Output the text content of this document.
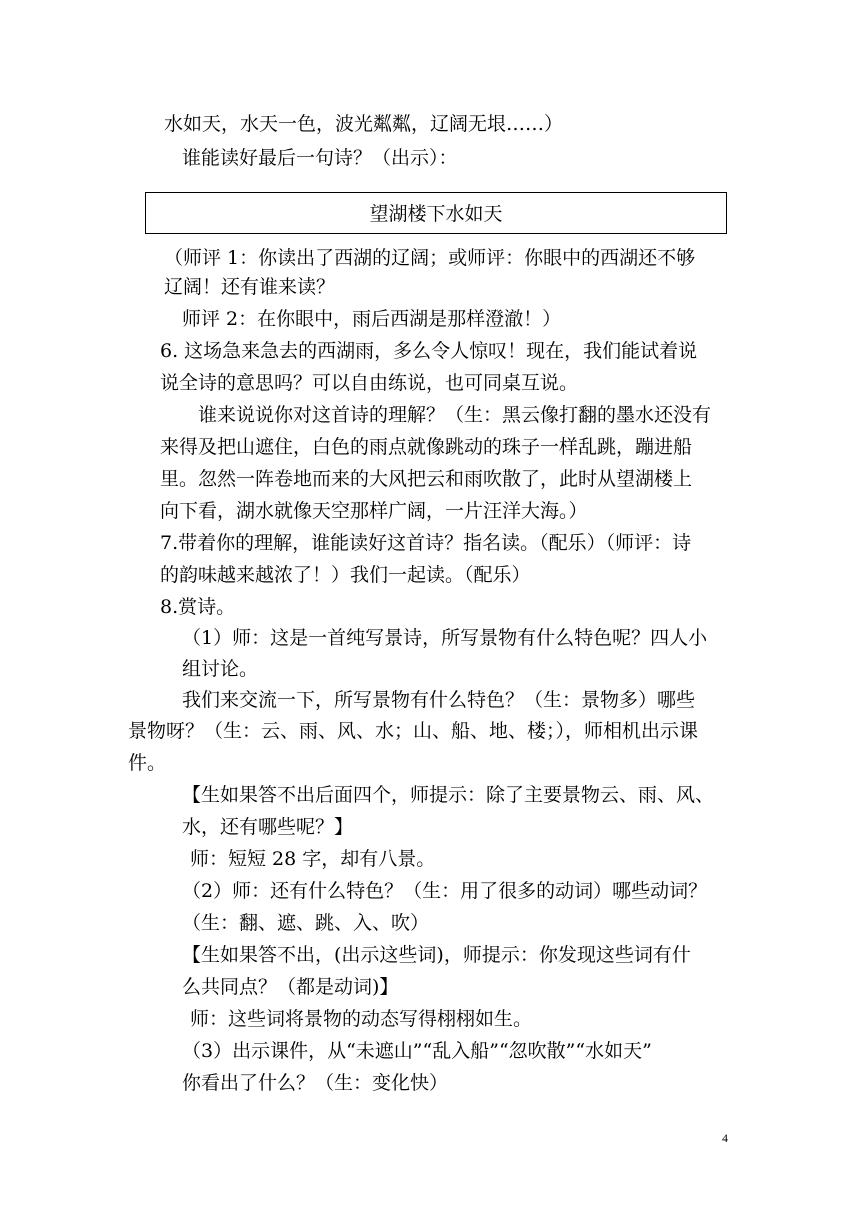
水如天，水天一色，波光粼粼，辽阔无垠……）
谁能读好最后一句诗？（出示）：
望湖楼下水如天
（师评 1：你读出了西湖的辽阔；或师评：你眼中的西湖还不够
辽阔！还有谁来读？
师评 2：在你眼中，雨后西湖是那样澄澈！）
6. 这场急来急去的西湖雨，多么令人惊叹！现在，我们能试着说
说全诗的意思吗？可以自由练说，也可同桌互说。
谁来说说你对这首诗的理解？（生：黑云像打翻的墨水还没有
来得及把山遮住，白色的雨点就像跳动的珠子一样乱跳，蹦进船
里。忽然一阵卷地而来的大风把云和雨吹散了，此时从望湖楼上
向下看，湖水就像天空那样广阔，一片汪洋大海。）
7.带着你的理解，谁能读好这首诗？指名读。（配乐）（师评：诗
的韵味越来越浓了！）我们一起读。（配乐）
8.赏诗。
（1）师：这是一首纯写景诗，所写景物有什么特色呢？四人小
组讨论。
我们来交流一下，所写景物有什么特色？（生：景物多）哪些
景物呀？（生：云、雨、风、水；山、船、地、楼；），师相机出示课
件。
【生如果答不出后面四个，师提示：除了主要景物云、雨、风、
水，还有哪些呢？】
师：短短 28 字，却有八景。
（2）师：还有什么特色？（生：用了很多的动词）哪些动词？
（生：翻、遮、跳、入、吹）
【生如果答不出，(出示这些词)，师提示：你发现这些词有什
么共同点？（都是动词)】
师：这些词将景物的动态写得栩栩如生。
（3）出示课件，从“未遮山”“乱入船”“忽吹散”“水如天”
你看出了什么？（生：变化快）
4
